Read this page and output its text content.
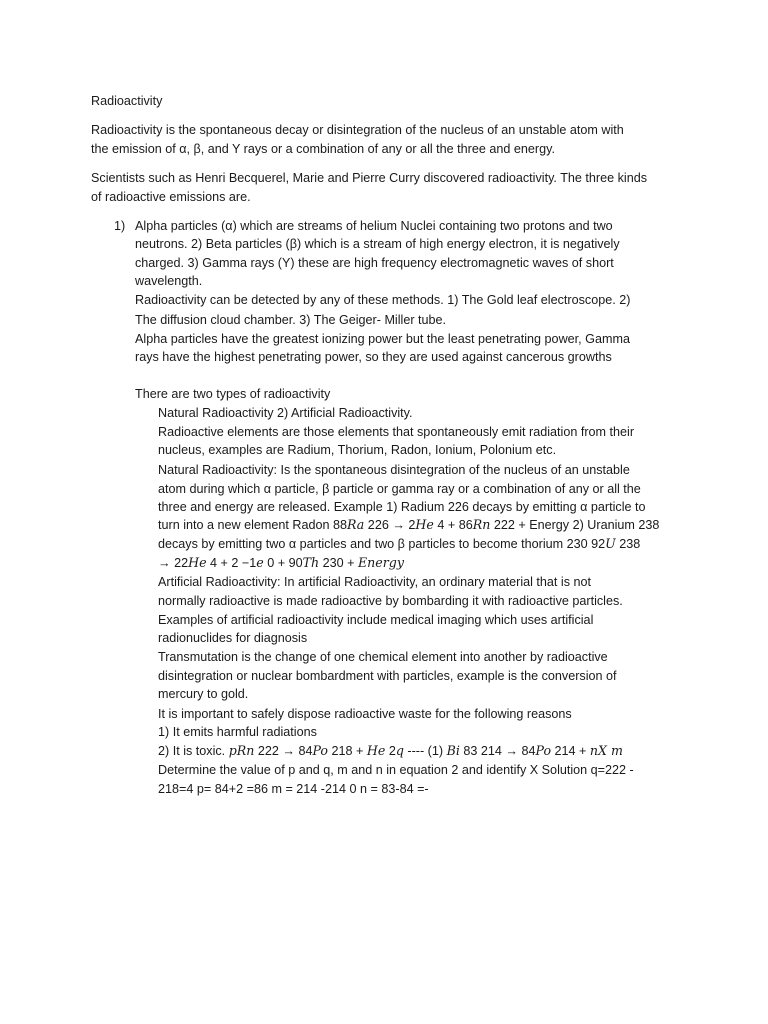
Radioactivity
Radioactivity is the spontaneous decay or disintegration of the nucleus of an unstable atom with
the emission of α, β, and Y rays or a combination of any or all the three and energy.
Scientists such as Henri Becquerel, Marie and Pierre Curry discovered radioactivity. The three kinds
of radioactive emissions are.
1) Alpha particles (α) which are streams of helium Nuclei containing two protons and two
neutrons. 2) Beta particles (β) which is a stream of high energy electron, it is negatively
charged. 3) Gamma rays (Y) these are high frequency electromagnetic waves of short
wavelength.
Radioactivity can be detected by any of these methods. 1) The Gold leaf electroscope. 2)
The diffusion cloud chamber. 3) The Geiger- Miller tube.
Alpha particles have the greatest ionizing power but the least penetrating power, Gamma
rays have the highest penetrating power, so they are used against cancerous growths
There are two types of radioactivity
Natural Radioactivity 2) Artificial Radioactivity.
Radioactive elements are those elements that spontaneously emit radiation from their
nucleus, examples are Radium, Thorium, Radon, Ionium, Polonium etc.
Natural Radioactivity: Is the spontaneous disintegration of the nucleus of an unstable
atom during which α particle, β particle or gamma ray or a combination of any or all the
three and energy are released. Example 1) Radium 226 decays by emitting α particle to
turn into a new element Radon 88Ra 226 → 2He 4 + 86Rn 222 + Energy 2) Uranium 238
decays by emitting two α particles and two β particles to become thorium 230 92U 238
→ 22He 4 + 2 −1e 0 + 90Th 230 + Energy
Artificial Radioactivity: In artificial Radioactivity, an ordinary material that is not
normally radioactive is made radioactive by bombarding it with radioactive particles.
Examples of artificial radioactivity include medical imaging which uses artificial
radionuclides for diagnosis
Transmutation is the change of one chemical element into another by radioactive
disintegration or nuclear bombardment with particles, example is the conversion of
mercury to gold.
It is important to safely dispose radioactive waste for the following reasons
1) It emits harmful radiations
2) It is toxic. pRn 222 → 84Po 218 + He 2q ---- (1) Bi 83 214 → 84Po 214 + nX m
Determine the value of p and q, m and n in equation 2 and identify X Solution q=222 -
218=4 p= 84+2 =86 m = 214 -214 0 n = 83-84 =-
